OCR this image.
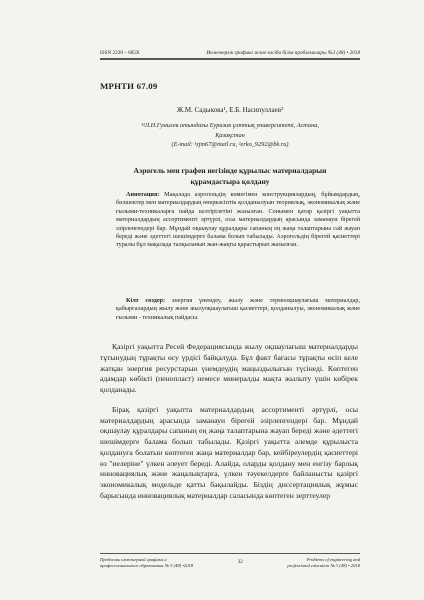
ISSN 2220 – 685X	Инженерлік графика және кәсіби білім проблемалары №3 (48) • 2018
МРНТИ 67.09
Ж.М. Садыкова¹, Е.Б. Насипуллаев²
¹²Л.Н.Гумилев атындағы Еуразия ұлттық университеті, Астана,
Қазақстан
(E-mail: ¹zjm67@mail.ru, ²erko_9292@bk.ru)
Аэрогель мен графен негізінде құрылыс материалдарын
құрамдастыра қолдану

Аннотация: Мақалада аэрогельдің көмегімен конструкциялардың, бұйымдардың, бөлшектер мен материалдардың өнеркәсіптік қолданылуын теориялық, экономикалық және ғылыми-техникаларға пайда келтірілетіні жазылған. Сонымен қатар қазіргі уақытта материалдардың ассортименті әртүрлі, осы материалдардың арасында заманауи бірегей әзірленгендері бар. Мұндай оқшаулау құралдары сапаның ең жаңа талаптарына сай жауап береді және әдеттегі шешімдерге балама болып табылады. Аэрогельдің бірегей қасиеттері туралы бұл мақалада талқыланып жан-жақты қарастырып жазылған.

Кілт сөздер: энергия үнемдеу, жылу және термооқшаулағыш материалдар, қабырғалардың жылу және жылуоқшаулағыш қасиеттері, қолданылуы, экономикалық және ғылыми - техникалық пайдасы.

Қазіргі уақытта Ресей Федерациясында жылу оқшаулағыш материалдарды тұтынудың тұрақты өсу үрдісі байқалуда. Бұл факт бағасы тұрақты өсіп келе жатқан энергия ресурстарын үнемдеудің маңыздылығын түсінеді. Көптеген адамдар көбікті (пенопласт) немесе минералды мақта жылыту үшін көбірек қолданады.

Бірақ қазіргі уақытта материалдардың ассортименті әртүрлі, осы материалдардың арасында заманауи бірегей әзірленгендері бар. Мұндай оқшаулау құралдары сапаның ең жаңа талаптарына жауап береді және әдеттегі шешімдерге балама болып табылады. Қазіргі уақытта әлемде құрылыста қолдануға болатын көптеген жаңа материалдар бар, кейбіреулердің қасиеттері өз "иелеріне" үлкен әлеует береді. Алайда, оларды қолдану мен енгізу барлық инновациялық және жаңалықтарға, үлкен тәуекелдерге байланысты қазіргі экономикалық модельде қатты бақылайды. Біздің диссертациялық жұмыс барысында инновациялық материалдар саласында көптеген зерттеулер

Проблемы инженерной графики и
профессионального образования № 3 (48) •2018
32
Problems of engineering and
professional education № 3 (48) • 2018
